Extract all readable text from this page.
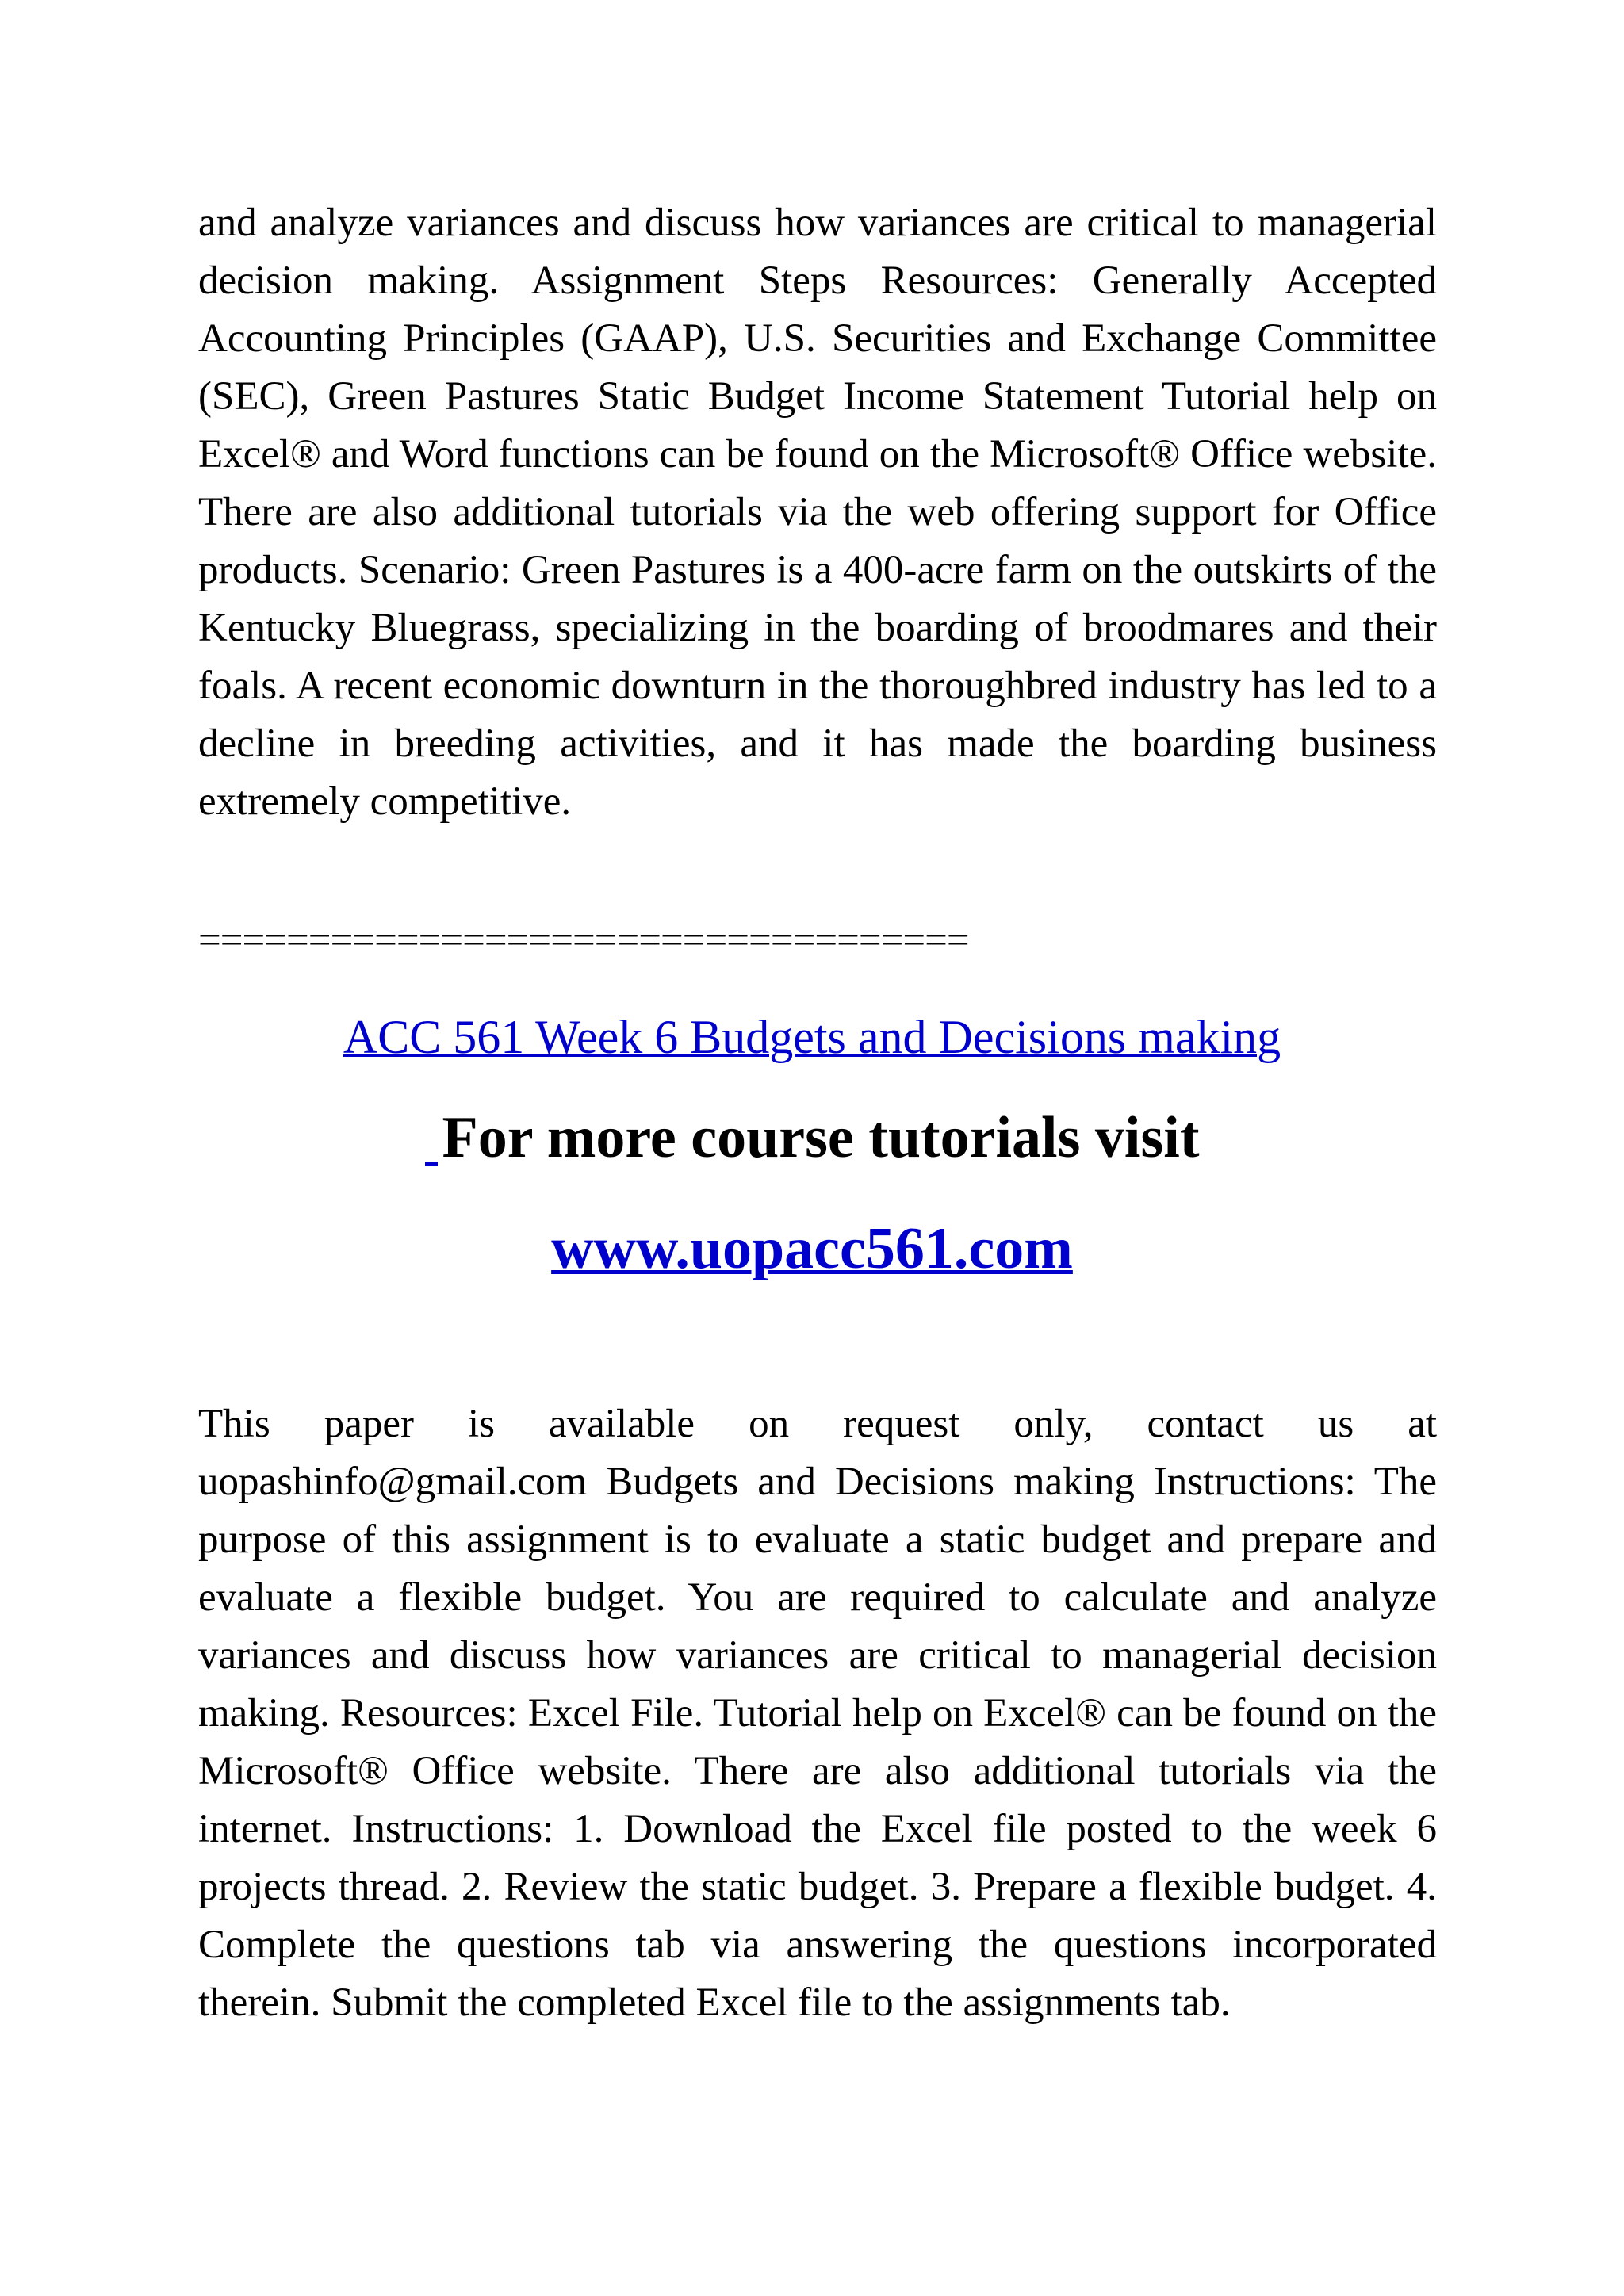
and analyze variances and discuss how variances are critical to managerial decision making. Assignment Steps Resources: Generally Accepted Accounting Principles (GAAP), U.S. Securities and Exchange Committee (SEC), Green Pastures Static Budget Income Statement Tutorial help on Excel® and Word functions can be found on the Microsoft® Office website. There are also additional tutorials via the web offering support for Office products. Scenario: Green Pastures is a 400-acre farm on the outskirts of the Kentucky Bluegrass, specializing in the boarding of broodmares and their foals. A recent economic downturn in the thoroughbred industry has led to a decline in breeding activities, and it has made the boarding business extremely competitive.

===================================
ACC 561 Week 6 Budgets and Decisions making
For more course tutorials visit
www.uopacc561.com

This paper is available on request only, contact us at uopashinfo@gmail.com Budgets and Decisions making Instructions: The purpose of this assignment is to evaluate a static budget and prepare and evaluate a flexible budget. You are required to calculate and analyze variances and discuss how variances are critical to managerial decision making. Resources: Excel File. Tutorial help on Excel® can be found on the Microsoft® Office website. There are also additional tutorials via the internet. Instructions: 1. Download the Excel file posted to the week 6 projects thread. 2. Review the static budget. 3. Prepare a flexible budget. 4. Complete the questions tab via answering the questions incorporated therein. Submit the completed Excel file to the assignments tab.
